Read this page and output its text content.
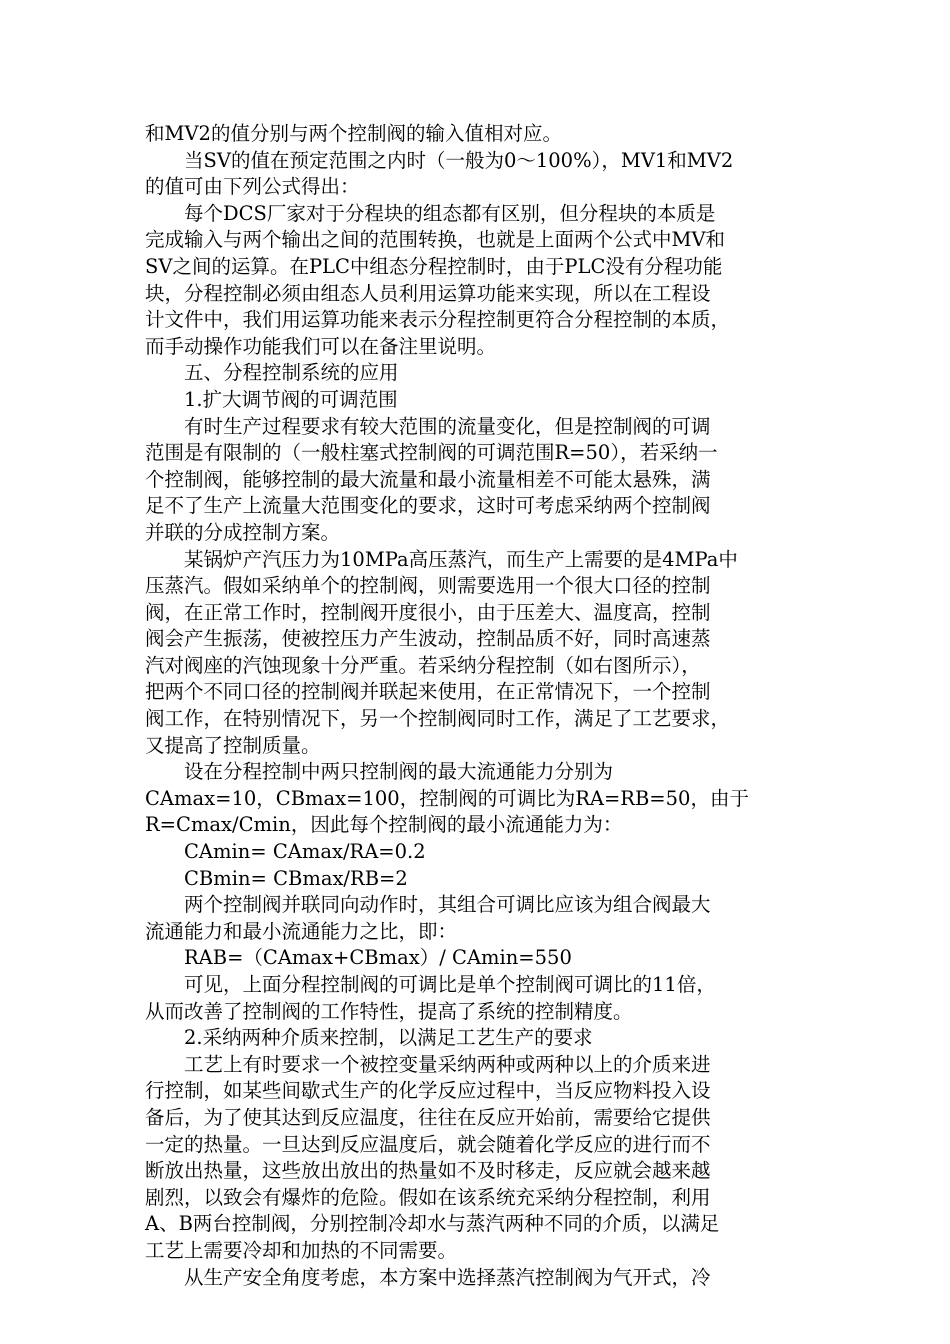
和MV2的值分别与两个控制阀的输入值相对应。

当SV的值在预定范围之内时（一般为0～100%），MV1和MV2
的值可由下列公式得出：

每个DCS厂家对于分程块的组态都有区别，但分程块的本质是
完成输入与两个输出之间的范围转换，也就是上面两个公式中MV和
SV之间的运算。在PLC中组态分程控制时，由于PLC没有分程功能
块，分程控制必须由组态人员利用运算功能来实现，所以在工程设
计文件中，我们用运算功能来表示分程控制更符合分程控制的本质，
而手动操作功能我们可以在备注里说明。

五、分程控制系统的应用

1.扩大调节阀的可调范围

有时生产过程要求有较大范围的流量变化，但是控制阀的可调
范围是有限制的（一般柱塞式控制阀的可调范围R=50），若采纳一
个控制阀，能够控制的最大流量和最小流量相差不可能太悬殊，满
足不了生产上流量大范围变化的要求，这时可考虑采纳两个控制阀
并联的分成控制方案。

某锅炉产汽压力为10MPa高压蒸汽，而生产上需要的是4MPa中
压蒸汽。假如采纳单个的控制阀，则需要选用一个很大口径的控制
阀，在正常工作时，控制阀开度很小，由于压差大、温度高，控制
阀会产生振荡，使被控压力产生波动，控制品质不好，同时高速蒸
汽对阀座的汽蚀现象十分严重。若采纳分程控制（如右图所示），
把两个不同口径的控制阀并联起来使用，在正常情况下，一个控制
阀工作，在特别情况下，另一个控制阀同时工作，满足了工艺要求，
又提高了控制质量。

设在分程控制中两只控制阀的最大流通能力分别为
CAmax=10，CBmax=100，控制阀的可调比为RA=RB=50，由于
R=Cmax/Cmin，因此每个控制阀的最小流通能力为：

CAmin= CAmax/RA=0.2

CBmin= CBmax/RB=2

两个控制阀并联同向动作时，其组合可调比应该为组合阀最大
流通能力和最小流通能力之比，即：

RAB=（CAmax+CBmax）/ CAmin=550

可见，上面分程控制阀的可调比是单个控制阀可调比的11倍，
从而改善了控制阀的工作特性，提高了系统的控制精度。

2.采纳两种介质来控制，以满足工艺生产的要求

工艺上有时要求一个被控变量采纳两种或两种以上的介质来进
行控制，如某些间歇式生产的化学反应过程中，当反应物料投入设
备后，为了使其达到反应温度，往往在反应开始前，需要给它提供
一定的热量。一旦达到反应温度后，就会随着化学反应的进行而不
断放出热量，这些放出放出的热量如不及时移走，反应就会越来越
剧烈，以致会有爆炸的危险。假如在该系统充采纳分程控制，利用
A、B两台控制阀，分别控制冷却水与蒸汽两种不同的介质，以满足
工艺上需要冷却和加热的不同需要。

从生产安全角度考虑，本方案中选择蒸汽控制阀为气开式，冷
